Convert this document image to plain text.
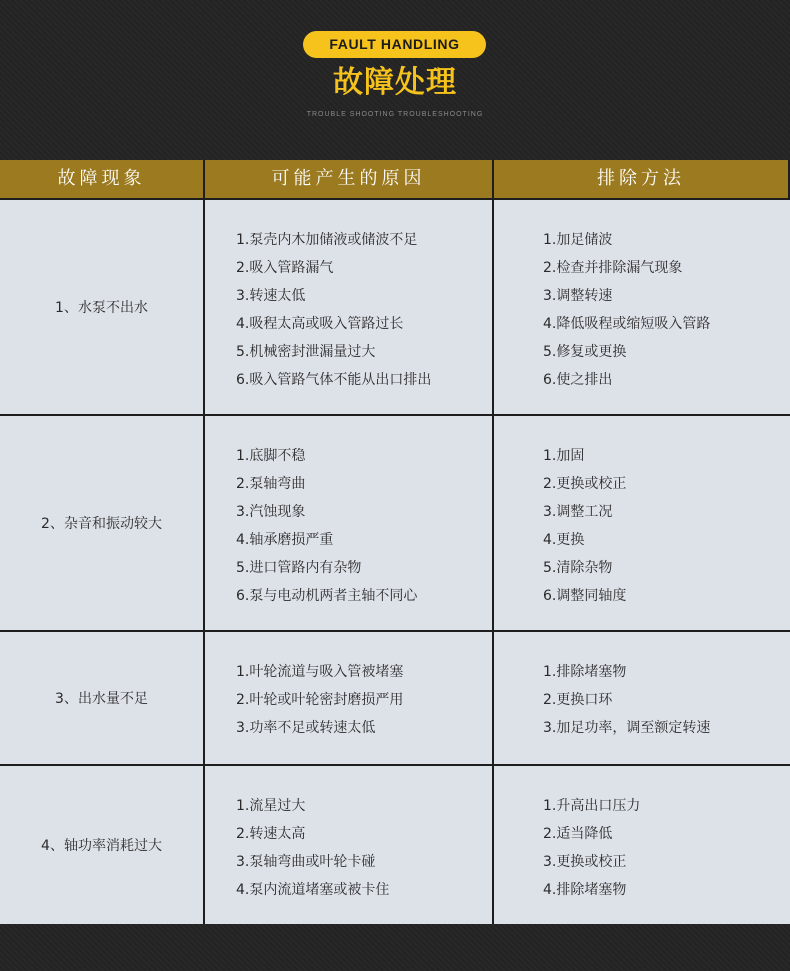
FAULT HANDLING
故障处理
TROUBLE SHOOTING TROUBLESHOOTING
故障现象	可能产生的原因	排除方法
1、水泵不出水
1.泵壳内木加储液或储波不足
2.吸入管路漏气
3.转速太低
4.吸程太高或吸入管路过长
5.机械密封泄漏量过大
6.吸入管路气体不能从出口排出
1.加足储波
2.检查并排除漏气现象
3.调整转速
4.降低吸程或缩短吸入管路
5.修复或更换
6.使之排出
2、杂音和振动较大
1.底脚不稳
2.泵轴弯曲
3.汽蚀现象
4.轴承磨损严重
5.进口管路内有杂物
6.泵与电动机两者主轴不同心
1.加固
2.更换或校正
3.调整工况
4.更换
5.清除杂物
6.调整同轴度
3、出水量不足
1.叶轮流道与吸入管被堵塞
2.叶轮或叶轮密封磨损严用
3.功率不足或转速太低
1.排除堵塞物
2.更换口环
3.加足功率，调至额定转速
4、轴功率消耗过大
1.流星过大
2.转速太高
3.泵轴弯曲或叶轮卡碰
4.泵内流道堵塞或被卡住
1.升高出口压力
2.适当降低
3.更换或校正
4.排除堵塞物
